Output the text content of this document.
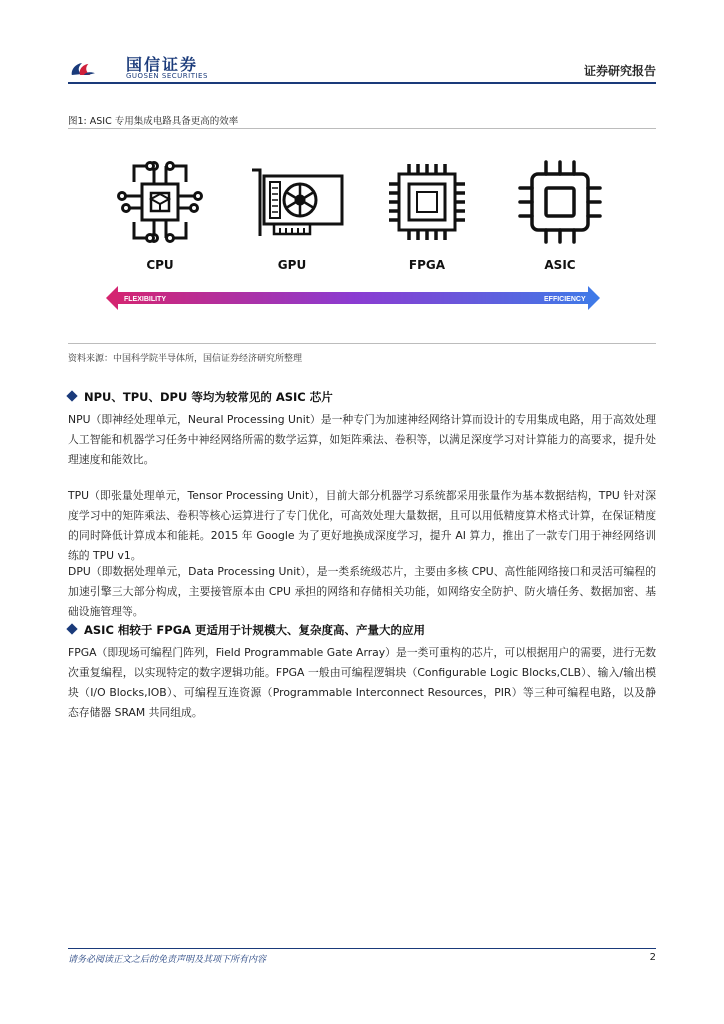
国信证券
GUOSEN SECURITIES	证券研究报告
图1: ASIC 专用集成电路具备更高的效率
FLEXIBILITY	EFFICIENCY
CPU	GPU	FPGA	ASIC
资料来源：中国科学院半导体所，国信证券经济研究所整理
NPU、TPU、DPU 等均为较常见的 ASIC 芯片

NPU（即神经处理单元，Neural Processing Unit）是一种专门为加速神经网络计算而设计的专用集成电路，用于高效处理人工智能和机器学习任务中神经网络所需的数学运算，如矩阵乘法、卷积等，以满足深度学习对计算能力的高要求，提升处理速度和能效比。

TPU（即张量处理单元，Tensor Processing Unit），目前大部分机器学习系统都采用张量作为基本数据结构，TPU 针对深度学习中的矩阵乘法、卷积等核心运算进行了专门优化，可高效处理大量数据，且可以用低精度算术格式计算，在保证精度的同时降低计算成本和能耗。2015 年 Google 为了更好地换成深度学习，提升 AI 算力，推出了一款专门用于神经网络训练的 TPU v1。

DPU（即数据处理单元，Data Processing Unit），是一类系统级芯片，主要由多核 CPU、高性能网络接口和灵活可编程的加速引擎三大部分构成，主要接管原本由 CPU 承担的网络和存储相关功能，如网络安全防护、防火墙任务、数据加密、基础设施管理等。

ASIC 相较于 FPGA 更适用于计规模大、复杂度高、产量大的应用

FPGA（即现场可编程门阵列，Field Programmable Gate Array）是一类可重构的芯片，可以根据用户的需要，进行无数次重复编程，以实现特定的数字逻辑功能。FPGA 一般由可编程逻辑块（Configurable Logic Blocks,CLB）、输入/输出模块（I/O Blocks,IOB）、可编程互连资源（Programmable Interconnect Resources，PIR）等三种可编程电路，以及静态存储器 SRAM 共同组成。

请务必阅读正文之后的免责声明及其项下所有内容	2
